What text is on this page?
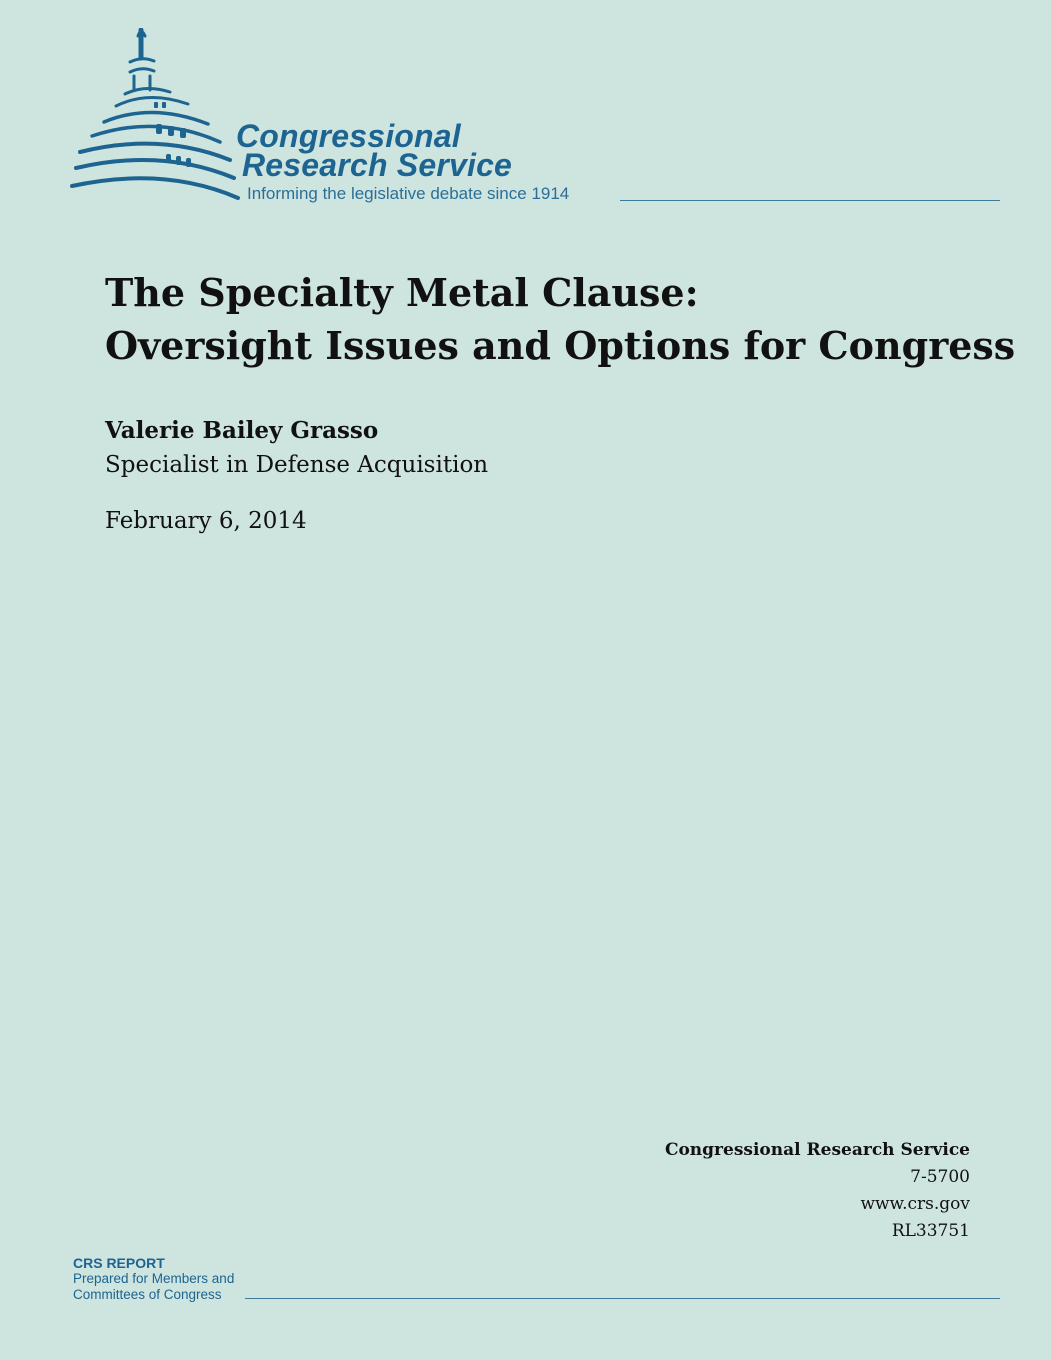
Congressional
Research Service
Informing the legislative debate since 1914
The Specialty Metal Clause:
Oversight Issues and Options for Congress
Valerie Bailey Grasso
Specialist in Defense Acquisition
February 6, 2014
Congressional Research Service
7-5700
www.crs.gov
RL33751
CRS REPORT
Prepared for Members and
Committees of Congress
